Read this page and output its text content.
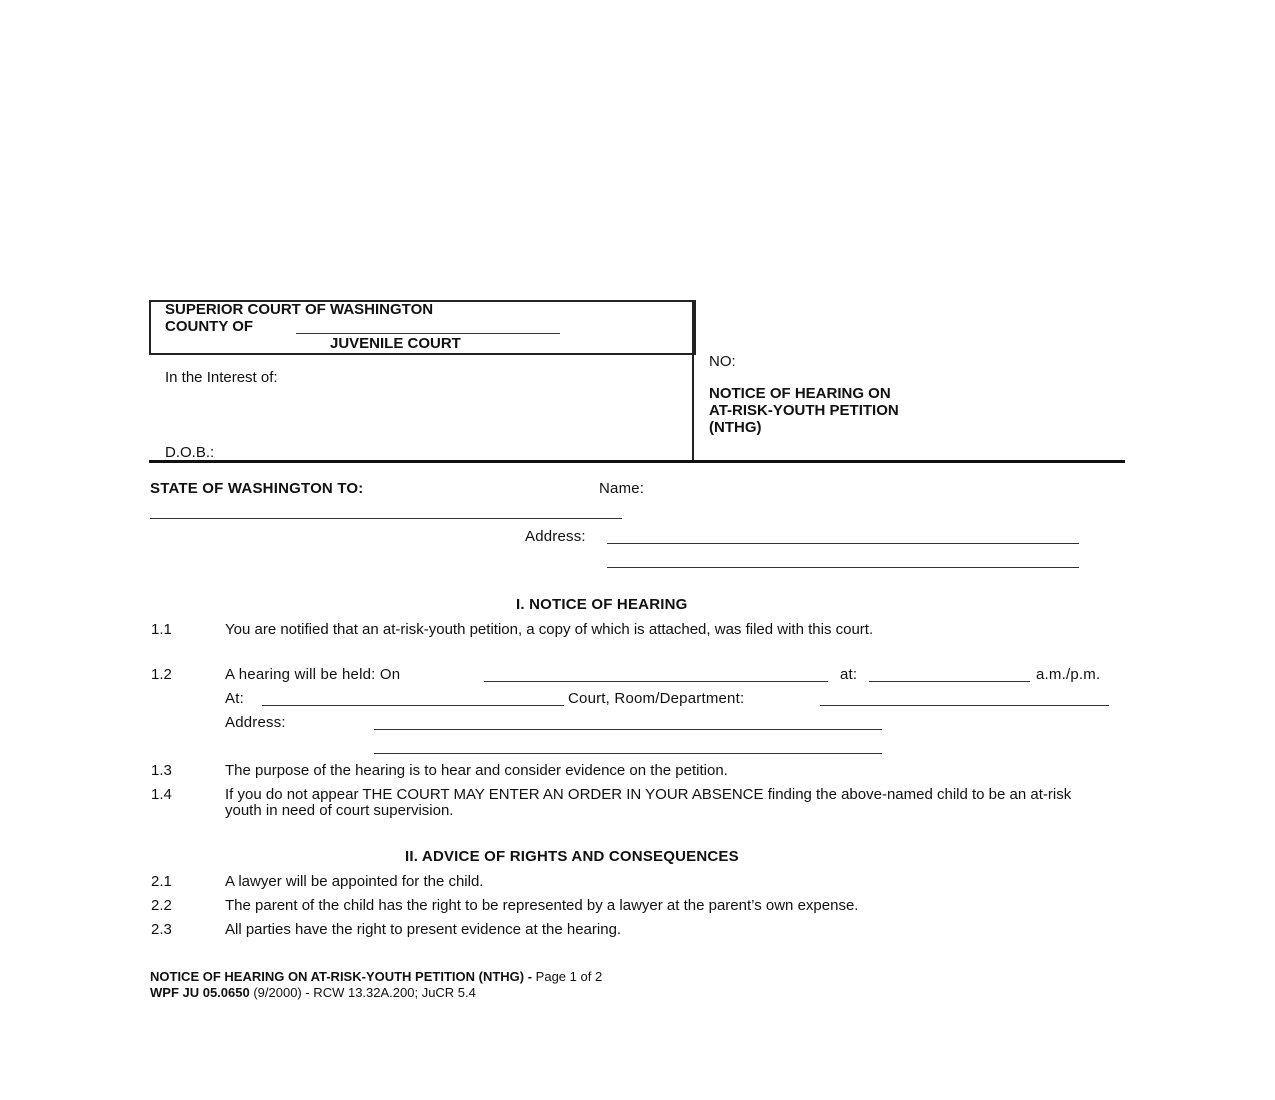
SUPERIOR COURT OF WASHINGTON
COUNTY OF
JUVENILE COURT
In the Interest of:
D.O.B.:
NO:
NOTICE OF HEARING ON
AT-RISK-YOUTH PETITION
(NTHG)
STATE OF WASHINGTON TO:	Name:
Address:
I. NOTICE OF HEARING
1.1	You are notified that an at-risk-youth petition, a copy of which is attached, was filed with this court.
1.2	A hearing will be held: On	at:	a.m./p.m.
At:	Court, Room/Department:
Address:
1.3	The purpose of the hearing is to hear and consider evidence on the petition.
1.4	If you do not appear THE COURT MAY ENTER AN ORDER IN YOUR ABSENCE finding the above-named child to be an at-risk youth in need of court supervision.
II. ADVICE OF RIGHTS AND CONSEQUENCES
2.1	A lawyer will be appointed for the child.
2.2	The parent of the child has the right to be represented by a lawyer at the parent’s own expense.
2.3	All parties have the right to present evidence at the hearing.
NOTICE OF HEARING ON AT-RISK-YOUTH PETITION (NTHG) - Page 1 of 2
WPF JU 05.0650 (9/2000) - RCW 13.32A.200; JuCR 5.4
